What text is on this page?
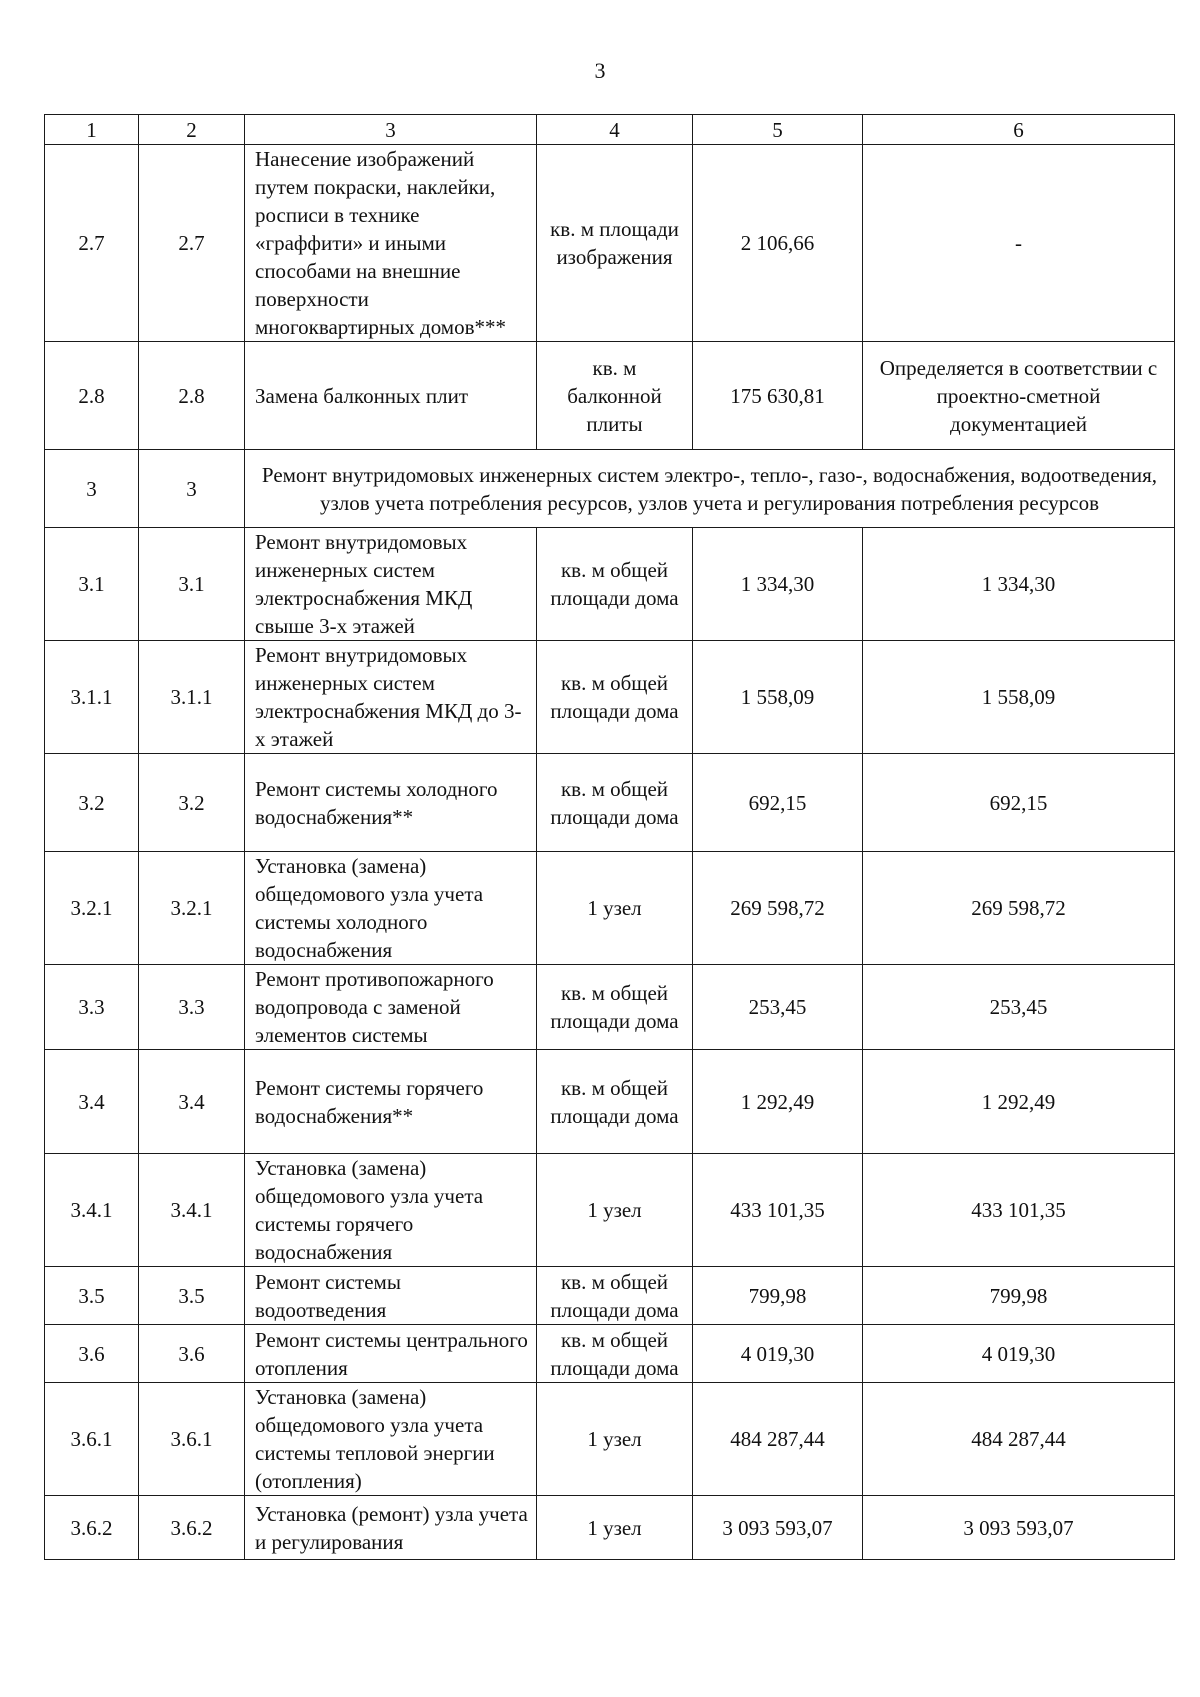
3
1	2	3	4	5	6
2.7	2.7	Нанесение изображений путем покраски, наклейки, росписи в технике «граффити» и иными способами на внешние поверхности многоквартирных домов***	кв. м площади изображения	2 106,66	-
2.8	2.8	Замена балконных плит	кв. м балконной плиты	175 630,81	Определяется в соответствии с проектно-сметной документацией
3	3	Ремонт внутридомовых инженерных систем электро-, тепло-, газо-, водоснабжения, водоотведения, узлов учета потребления ресурсов, узлов учета и регулирования потребления ресурсов			
3.1	3.1	Ремонт внутридомовых инженерных систем электроснабжения МКД свыше 3-х этажей	кв. м общей площади дома	1 334,30	1 334,30
3.1.1	3.1.1	Ремонт внутридомовых инженерных систем электроснабжения МКД до 3-х этажей	кв. м общей площади дома	1 558,09	1 558,09
3.2	3.2	Ремонт системы холодного водоснабжения**	кв. м общей площади дома	692,15	692,15
3.2.1	3.2.1	Установка (замена) общедомового узла учета системы холодного водоснабжения	1 узел	269 598,72	269 598,72
3.3	3.3	Ремонт противопожарного водопровода с заменой элементов системы	кв. м общей площади дома	253,45	253,45
3.4	3.4	Ремонт системы горячего водоснабжения**	кв. м общей площади дома	1 292,49	1 292,49
3.4.1	3.4.1	Установка (замена) общедомового узла учета системы горячего водоснабжения	1 узел	433 101,35	433 101,35
3.5	3.5	Ремонт системы водоотведения	кв. м общей площади дома	799,98	799,98
3.6	3.6	Ремонт системы центрального отопления	кв. м общей площади дома	4 019,30	4 019,30
3.6.1	3.6.1	Установка (замена) общедомового узла учета системы тепловой энергии (отопления)	1 узел	484 287,44	484 287,44
3.6.2	3.6.2	Установка (ремонт) узла учета и регулирования	1 узел	3 093 593,07	3 093 593,07
